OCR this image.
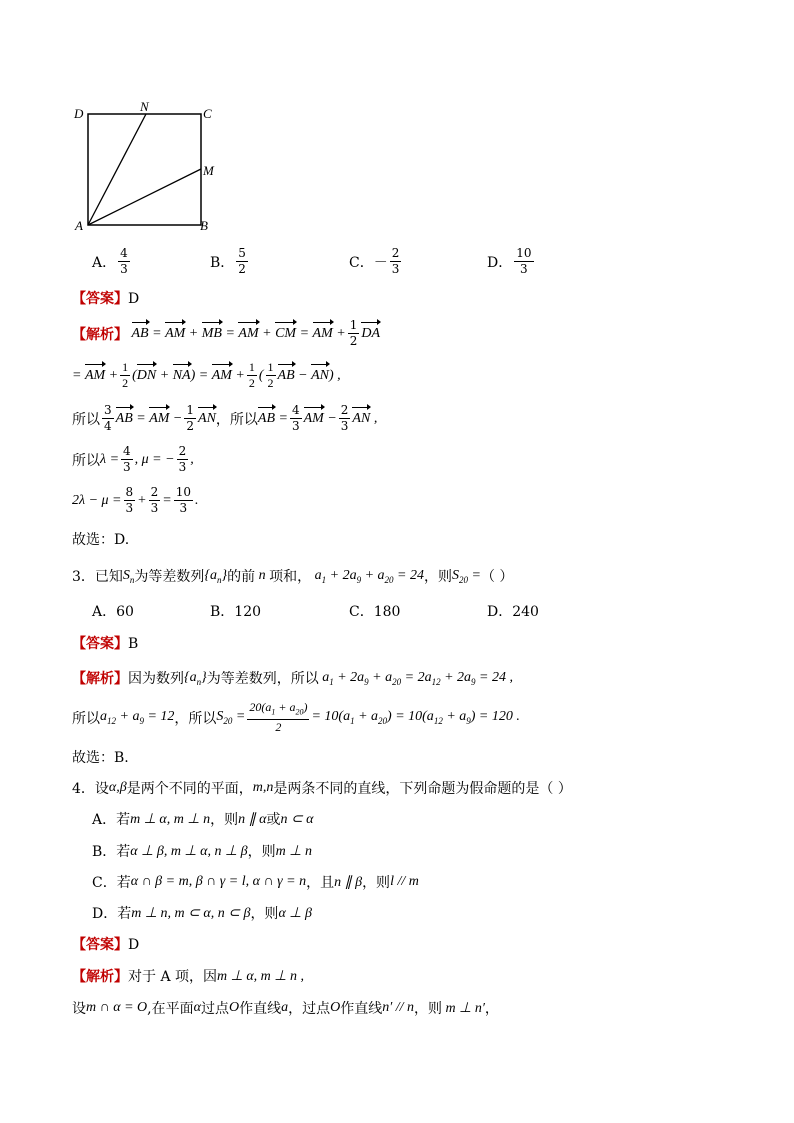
D	N	C
M
A	B
A． $\frac{4}{3}$	B． $\frac{5}{2}$	C． － $\frac{2}{3}$	D． $\frac{10}{3}$
【答案】D
【解析】 AB = AM + MB = AM + CM = AM + $\frac{1}{2}$ DA
= AM + $\frac{1}{2} (DN + NA)$ = AM + $\frac{1}{2}$ ( $\frac{1}{2}$ AB − AN) ,
所以 $\frac{3}{4}$ AB = AM − $\frac{1}{2}$ AN ，所以 AB = $\frac{4}{3}$ AM − $\frac{2}{3}$ AN ,
所以 $\lambda = \frac{4}{3}$ , μ = − $\frac{2}{3}$ ,
$2\lambda - \mu = \frac{8}{3} + \frac{2}{3} = \frac{10}{3}$ .
故选：D.
3． 已知 $S_n$ 为等差数列 $\{a_n\}$ 的前 n 项和， $a_1 + 2a_9 + a_{20} = 24$ ，则 $S_{20}$ = （ ）
A．60	B．120	C．180	D．240
【答案】B
【解析】 因为数列 $\{a_n\}$ 为等差数列，所以 $a_1 + 2a_9 + a_{20} = 2a_{12} + 2a_9 = 24$ ,
所以 $a_{12} + a_9 = 12$ ，所以 $S_{20} = \frac{20(a_1 + a_{20})}{2} = 10(a_1 + a_{20}) = 10(a_{12} + a_9) = 120$ .
故选：B.
4． 设 α,β 是两个不同的平面， m,n 是两条不同的直线，下列命题为假命题的是（ ）
A．若 m ⊥ α, m ⊥ n ，则 n ∥ α 或 n ⊂ α
B．若 α ⊥ β, m ⊥ α, n ⊥ β ，则 m ⊥ n
C．若 α ∩ β = m, β ∩ γ = l, α ∩ γ = n ，且 n ∥ β ，则 l // m
D．若 m ⊥ n, m ⊂ α, n ⊂ β ，则 α ⊥ β
【答案】D
【解析】 对于 A 项，因 m ⊥ α, m ⊥ n ,
设 m ∩ α = O ,在平面 α 过点 O 作直线 a ，过点 O 作直线 n′ // n ，则 m ⊥ n′ ，
